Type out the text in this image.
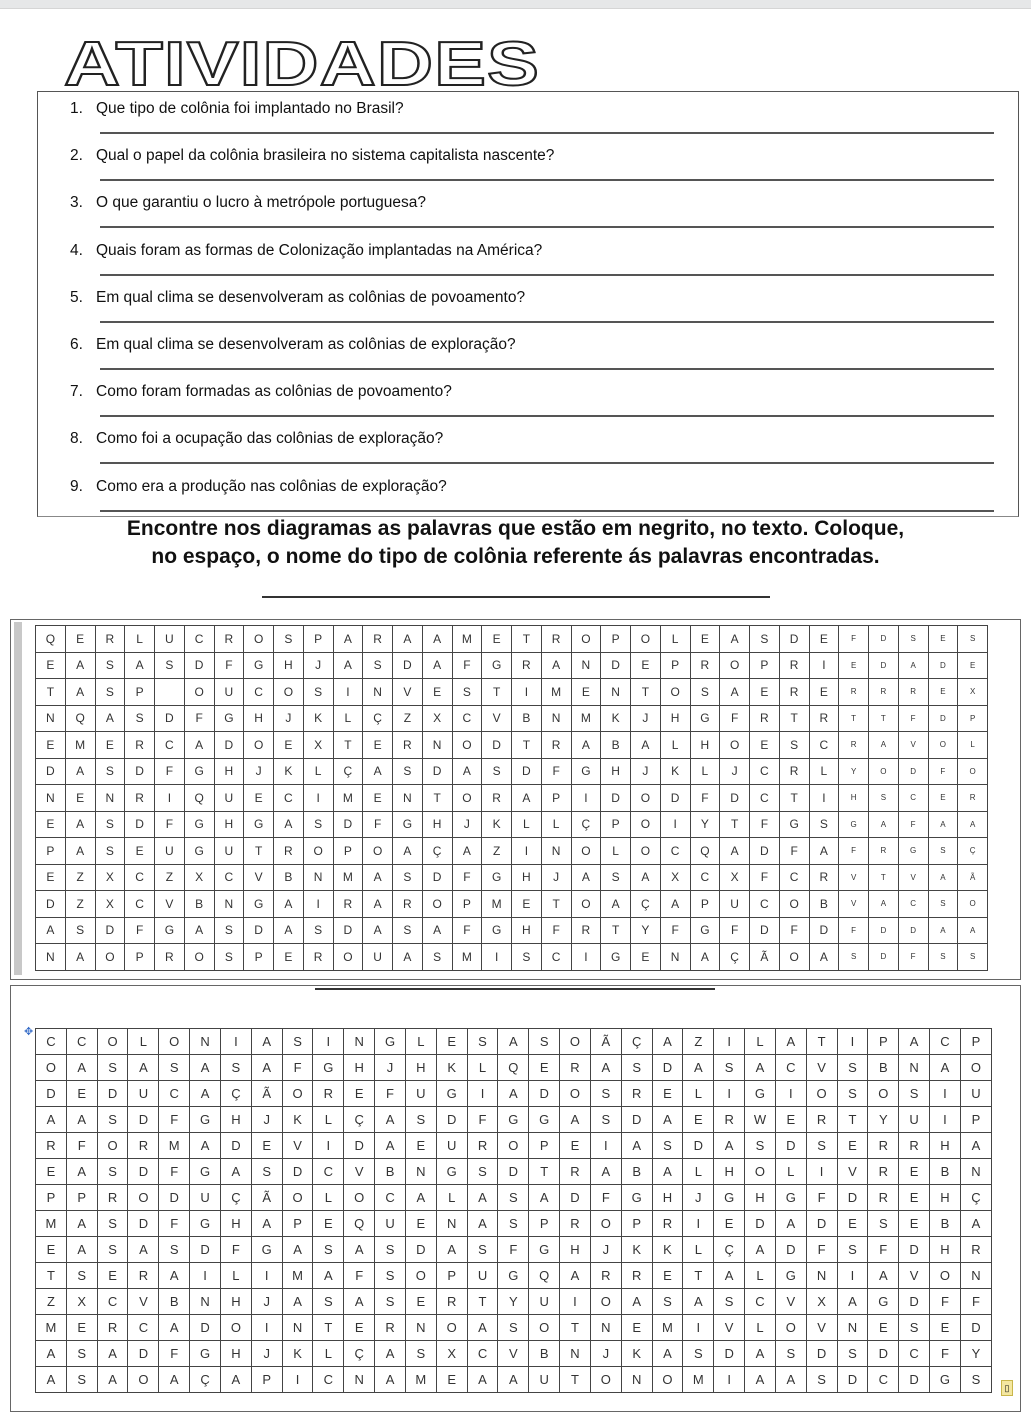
ATIVIDADES
1. Que tipo de colônia foi implantado no Brasil?
2. Qual o papel da colônia brasileira no sistema capitalista nascente?
3. O que garantiu o lucro à metrópole portuguesa?
4. Quais foram as formas de Colonização implantadas na América?
5. Em qual clima se desenvolveram as colônias de povoamento?
6. Em qual clima se desenvolveram as colônias de exploração?
7. Como foram formadas as colônias de povoamento?
8. Como foi a ocupação das colônias de exploração?
9. Como era a produção nas colônias de exploração?
Encontre nos diagramas as palavras que estão em negrito, no texto. Coloque,
no espaço, o nome do tipo de colônia referente ás palavras encontradas.
Q	E	R	L	U	C	R	O	S	P	A	R	A	A	M	E	T	R	O	P	O	L	E	A	S	D	E	F	D	S	E	S
E	A	S	A	S	D	F	G	H	J	A	S	D	A	F	G	R	A	N	D	E	P	R	O	P	R	I	E	D	A	D	E
T	A	S	P		O	U	C	O	S	I	N	V	E	S	T	I	M	E	N	T	O	S	A	E	R	E	R	R	R	E	X
N	Q	A	S	D	F	G	H	J	K	L	Ç	Z	X	C	V	B	N	M	K	J	H	G	F	R	T	R	T	T	F	D	P
E	M	E	R	C	A	D	O	E	X	T	E	R	N	O	D	T	R	A	B	A	L	H	O	E	S	C	R	A	V	O	L
D	A	S	D	F	G	H	J	K	L	Ç	A	S	D	A	S	D	F	G	H	J	K	L	J	C	R	L	Y	O	D	F	O
N	E	N	R	I	Q	U	E	C	I	M	E	N	T	O	R	A	P	I	D	O	D	F	D	C	T	I	H	S	C	E	R
E	A	S	D	F	G	H	G	A	S	D	F	G	H	J	K	L	L	Ç	P	O	I	Y	T	F	G	S	G	A	F	A	A
P	A	S	E	U	G	U	T	R	O	P	O	A	Ç	A	Z	I	N	O	L	O	C	Q	A	D	F	A	F	R	G	S	Ç
E	Z	X	C	Z	X	C	V	B	N	M	A	S	D	F	G	H	J	A	S	A	X	C	X	F	C	R	V	T	V	A	Ã
D	Z	X	C	V	B	N	G	A	I	R	A	R	O	P	M	E	T	O	A	Ç	A	P	U	C	O	B	V	A	C	S	O
A	S	D	F	G	A	S	D	A	S	D	A	S	A	F	G	H	F	R	T	Y	F	G	F	D	F	D	F	D	D	A	A
N	A	O	P	R	O	S	P	E	R	O	U	A	S	M	I	S	C	I	G	E	N	A	Ç	Ã	O	A	S	D	F	S	S
✥
C	C	O	L	O	N	I	A	S	I	N	G	L	E	S	A	S	O	Ã	Ç	A	Z	I	L	A	T	I	P	A	C	P
O	A	S	A	S	A	S	A	F	G	H	J	H	K	L	Q	E	R	A	S	D	A	S	A	C	V	S	B	N	A	O
D	E	D	U	C	A	Ç	Ã	O	R	E	F	U	G	I	A	D	O	S	R	E	L	I	G	I	O	S	O	S	I	U
A	A	S	D	F	G	H	J	K	L	Ç	A	S	D	F	G	G	A	S	D	A	E	R	W	E	R	T	Y	U	I	P
R	F	O	R	M	A	D	E	V	I	D	A	E	U	R	O	P	E	I	A	S	D	A	S	D	S	E	R	R	H	A
E	A	S	D	F	G	A	S	D	C	V	B	N	G	S	D	T	R	A	B	A	L	H	O	L	I	V	R	E	B	N
P	P	R	O	D	U	Ç	Ã	O	L	O	C	A	L	A	S	A	D	F	G	H	J	G	H	G	F	D	R	E	H	Ç
M	A	S	D	F	G	H	A	P	E	Q	U	E	N	A	S	P	R	O	P	R	I	E	D	A	D	E	S	E	B	A
E	A	S	A	S	D	F	G	A	S	A	S	D	A	S	F	G	H	J	K	K	L	Ç	A	D	F	S	F	D	H	R
T	S	E	R	A	I	L	I	M	A	F	S	O	P	U	G	Q	A	R	R	E	T	A	L	G	N	I	A	V	O	N
Z	X	C	V	B	N	H	J	A	S	A	S	E	R	T	Y	U	I	O	A	S	A	S	C	V	X	A	G	D	F	F
M	E	R	C	A	D	O	I	N	T	E	R	N	O	A	S	O	T	N	E	M	I	V	L	O	V	N	E	S	E	D
A	S	A	D	F	G	H	J	K	L	Ç	A	S	X	C	V	B	N	J	K	A	S	D	A	S	D	S	D	C	F	Y
A	S	A	O	A	Ç	A	P	I	C	N	A	M	E	A	A	U	T	O	N	O	M	I	A	A	S	D	C	D	G	S
▯
